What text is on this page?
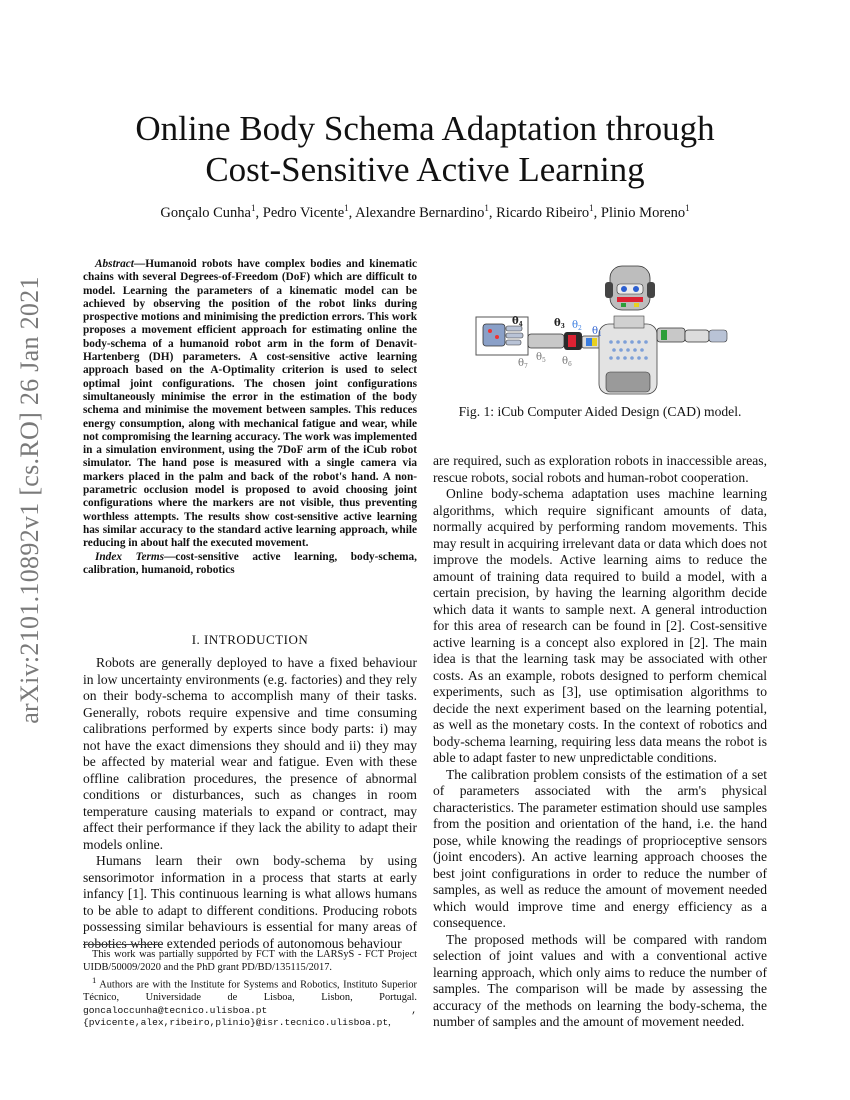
arXiv:2101.10892v1 [cs.RO] 26 Jan 2021
Online Body Schema Adaptation through
Cost-Sensitive Active Learning
Gonçalo Cunha$^1$, Pedro Vicente$^1$, Alexandre Bernardino$^1$, Ricardo Ribeiro$^1$, Plinio Moreno$^1$

Abstract—Humanoid robots have complex bodies and kinematic chains with several Degrees-of-Freedom (DoF) which are difficult to model. Learning the parameters of a kinematic model can be achieved by observing the position of the robot links during prospective motions and minimising the prediction errors. This work proposes a movement efficient approach for estimating online the body-schema of a humanoid robot arm in the form of Denavit-Hartenberg (DH) parameters. A cost-sensitive active learning approach based on the A-Optimality criterion is used to select optimal joint configurations. The chosen joint configurations simultaneously minimise the error in the estimation of the body schema and minimise the movement between samples. This reduces energy consumption, along with mechanical fatigue and wear, while not compromising the learning accuracy. The work was implemented in a simulation environment, using the 7DoF arm of the iCub robot simulator. The hand pose is measured with a single camera via markers placed in the palm and back of the robot's hand. A non-parametric occlusion model is proposed to avoid choosing joint configurations where the markers are not visible, thus preventing worthless attempts. The results show cost-sensitive active learning has similar accuracy to the standard active learning approach, while reducing in about half the executed movement.

Index Terms—cost-sensitive active learning, body-schema, calibration, humanoid, robotics

I. INTRODUCTION

Robots are generally deployed to have a fixed behaviour in low uncertainty environments (e.g. factories) and they rely on their body-schema to accomplish many of their tasks. Generally, robots require expensive and time consuming calibrations performed by experts since body parts: i) may not have the exact dimensions they should and ii) they may be affected by material wear and fatigue. Even with these offline calibration procedures, the presence of abnormal conditions or disturbances, such as changes in room temperature causing materials to expand or contract, may affect their performance if they lack the ability to adapt their models online.

Humans learn their own body-schema by using sensorimotor information in a process that starts at early infancy [1]. This continuous learning is what allows humans to be able to adapt to different conditions. Producing robots possessing similar behaviours is essential for many areas of robotics where extended periods of autonomous behaviour

This work was partially supported by FCT with the LARSyS - FCT Project UIDB/50009/2020 and the PhD grant PD/BD/135115/2017.

$^1$ Authors are with the Institute for Systems and Robotics, Instituto Superior Técnico, Universidade de Lisboa, Lisbon, Portugal. goncaloccunha@tecnico.ulisboa.pt , {pvicente,alex,ribeiro,plinio}@isr.tecnico.ulisboa.pt,

$\theta_4$	$\theta_3$ $\theta_2$ $\theta_1$
$\theta_5$ $\theta_6$
$\theta_7$
Fig. 1: iCub Computer Aided Design (CAD) model.

are required, such as exploration robots in inaccessible areas, rescue robots, social robots and human-robot cooperation.

Online body-schema adaptation uses machine learning algorithms, which require significant amounts of data, normally acquired by performing random movements. This may result in acquiring irrelevant data or data which does not improve the models. Active learning aims to reduce the amount of training data required to build a model, with a certain precision, by having the learning algorithm decide which data it wants to sample next. A general introduction for this area of research can be found in [2]. Cost-sensitive active learning is a concept also explored in [2]. The main idea is that the learning task may be associated with other costs. As an example, robots designed to perform chemical experiments, such as [3], use optimisation algorithms to decide the next experiment based on the learning potential, as well as the monetary costs. In the context of robotics and body-schema learning, requiring less data means the robot is able to adapt faster to new unpredictable conditions.

The calibration problem consists of the estimation of a set of parameters associated with the arm's physical characteristics. The parameter estimation should use samples from the position and orientation of the hand, i.e. the hand pose, while knowing the readings of proprioceptive sensors (joint encoders). An active learning approach chooses the best joint configurations in order to reduce the number of samples, as well as reduce the amount of movement needed which would improve time and energy efficiency as a consequence.

The proposed methods will be compared with random selection of joint values and with a conventional active learning approach, which only aims to reduce the number of samples. The comparison will be made by assessing the accuracy of the methods on learning the body-schema, the number of samples and the amount of movement needed.
